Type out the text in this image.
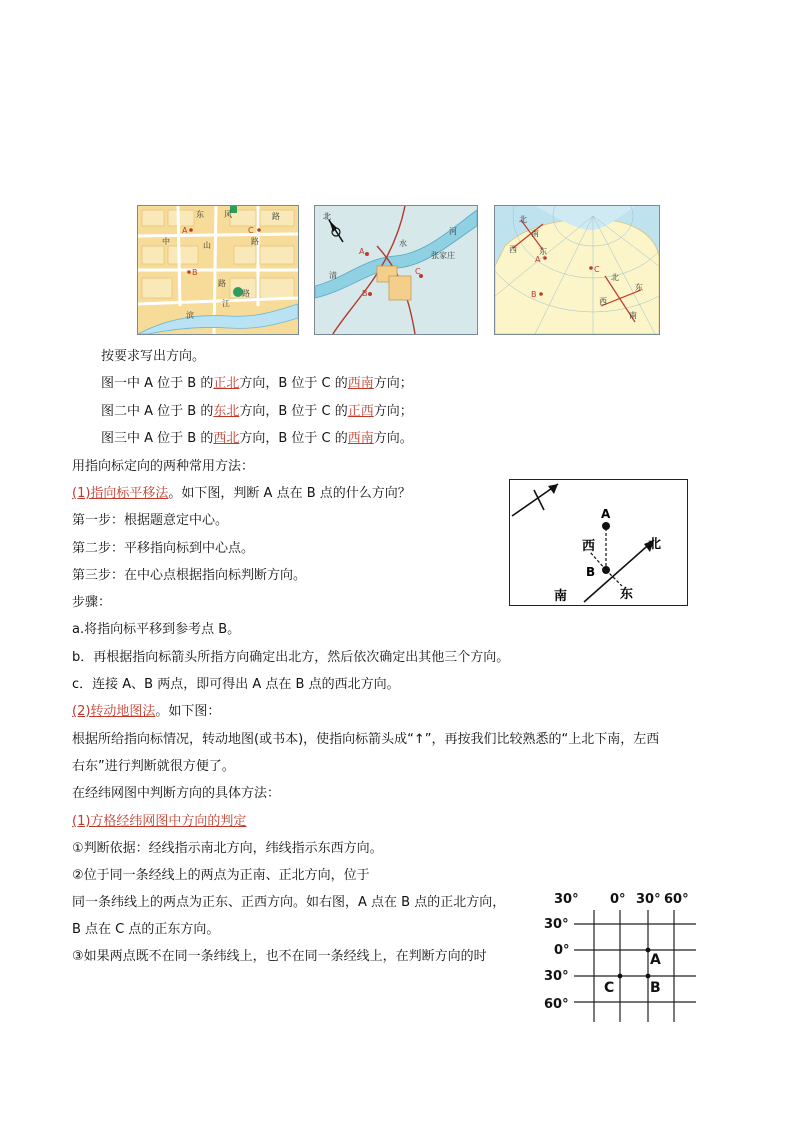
东	风	路
中	山	路
路
滨
江
路
A
B
C
北
清
水
河
张家庄
A
B
C
北
西	东
南
北
西
东
南
A
B
C
按要求写出方向。
图一中 A 位于 B 的正北方向，B 位于 C 的西南方向；
图二中 A 位于 B 的东北方向，B 位于 C 的正西方向；
图三中 A 位于 B 的西北方向，B 位于 C 的西南方向。
用指向标定向的两种常用方法：
(1)指向标平移法。如下图，判断 A 点在 B 点的什么方向？
第一步：根据题意定中心。
第二步：平移指向标到中心点。
第三步：在中心点根据指向标判断方向。
步骤：
a.将指向标平移到参考点 B。
b．再根据指向标箭头所指方向确定出北方，然后依次确定出其他三个方向。
c．连接 A、B 两点，即可得出 A 点在 B 点的西北方向。
(2)转动地图法。如下图：
根据所给指向标情况，转动地图(或书本)，使指向标箭头成“↑”，再按我们比较熟悉的“上北下南，左西
右东”进行判断就很方便了。
在经纬网图中判断方向的具体方法：
(1)方格经纬网图中方向的判定
①判断依据：经线指示南北方向，纬线指示东西方向。
②位于同一条经线上的两点为正南、正北方向，位于
同一条纬线上的两点为正东、正西方向。如右图，A 点在 B 点的正北方向，
B 点在 C 点的正东方向。
③如果两点既不在同一条纬线上，也不在同一条经线上，在判断方向的时
A
B
北
西
东
南
30° 0° 30° 60°
30°
0°
30°
60°
A
B
C
